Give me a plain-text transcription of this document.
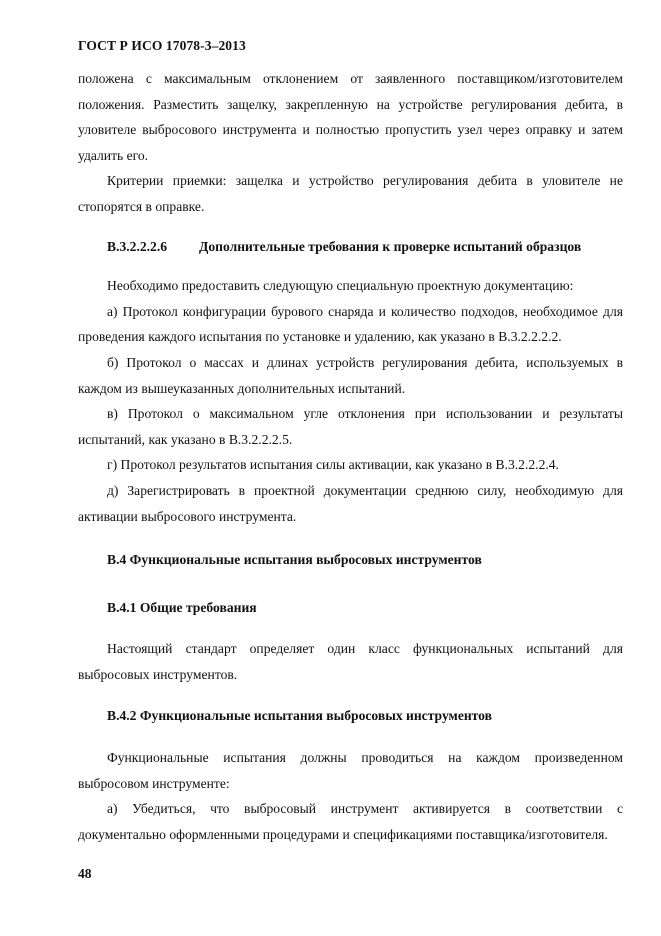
ГОСТ Р ИСО 17078-3–2013

положена с максимальным отклонением от заявленного поставщиком/изготовителем положения. Разместить защелку, закрепленную на устройстве регулирования дебита, в уловителе выбросового инструмента и полностью пропустить узел через оправку и затем удалить его.

Критерии приемки: защелка и устройство регулирования дебита в уловителе не стопорятся в оправке.

В.3.2.2.2.6 Дополнительные требования к проверке испытаний образцов

Необходимо предоставить следующую специальную проектную документацию:

а) Протокол конфигурации бурового снаряда и количество подходов, необходимое для проведения каждого испытания по установке и удалению, как указано в В.3.2.2.2.2.

б) Протокол о массах и длинах устройств регулирования дебита, используемых в каждом из вышеуказанных дополнительных испытаний.

в) Протокол о максимальном угле отклонения при использовании и результаты испытаний, как указано в В.3.2.2.2.5.

г) Протокол результатов испытания силы активации, как указано в В.3.2.2.2.4.

д) Зарегистрировать в проектной документации среднюю силу, необходимую для активации выбросового инструмента.

В.4 Функциональные испытания выбросовых инструментов

В.4.1 Общие требования

Настоящий стандарт определяет один класс функциональных испытаний для выбросовых инструментов.

В.4.2 Функциональные испытания выбросовых инструментов

Функциональные испытания должны проводиться на каждом произведенном выбросовом инструменте:

а) Убедиться, что выбросовый инструмент активируется в соответствии с документально оформленными процедурами и спецификациями поставщика/изготовителя.

48
